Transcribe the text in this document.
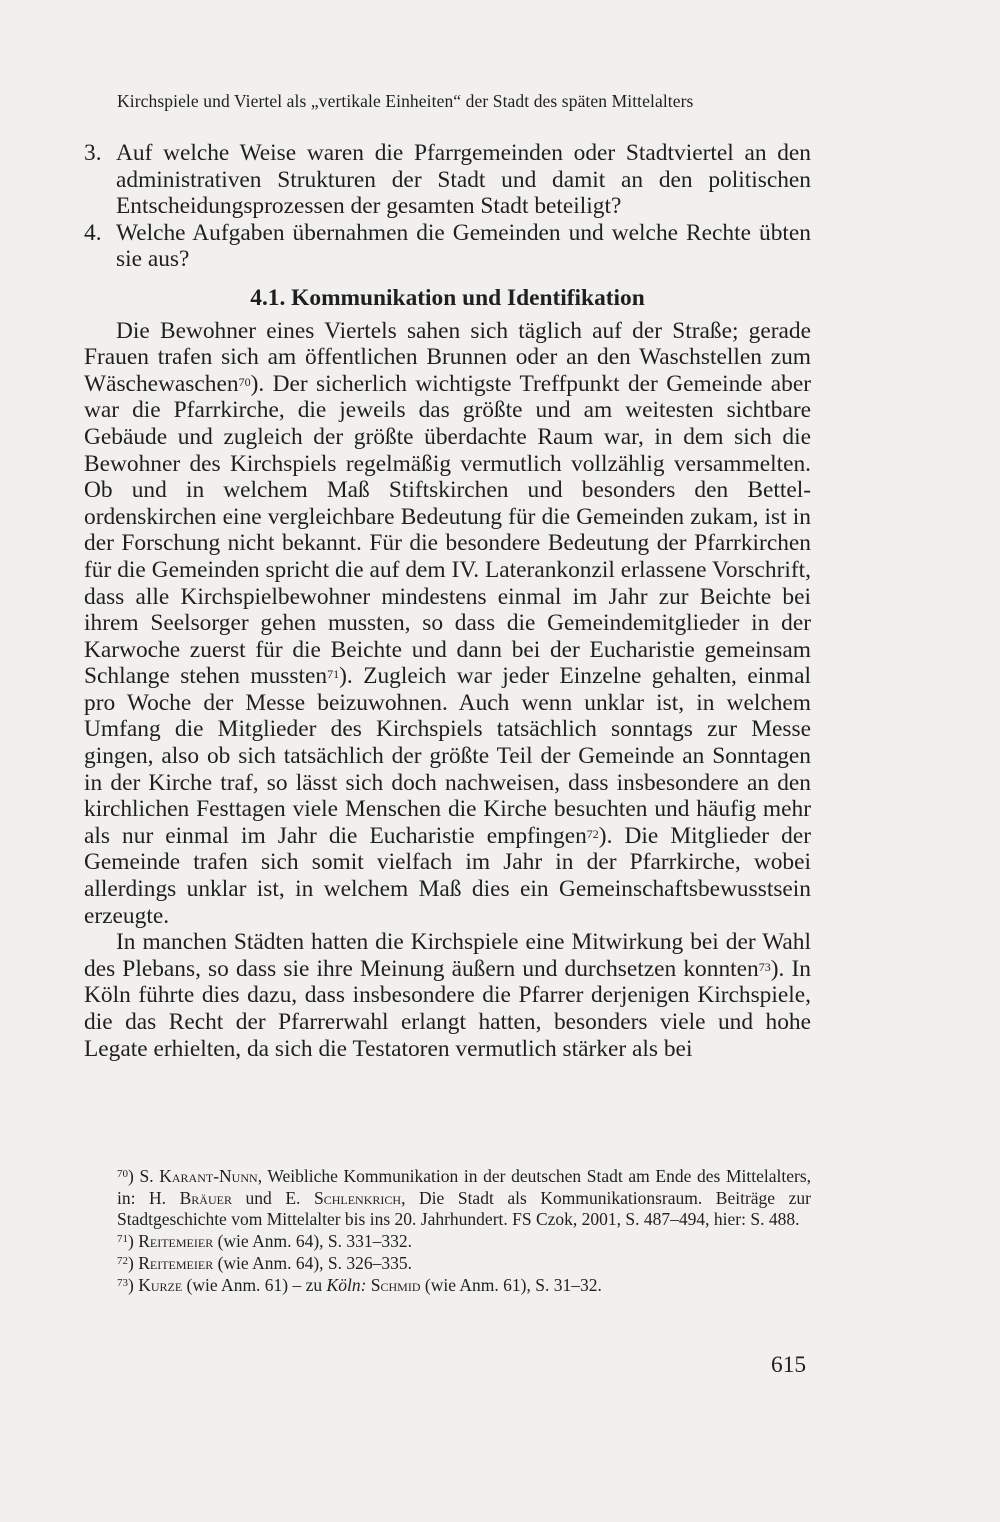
Kirchspiele und Viertel als „vertikale Einheiten“ der Stadt des späten Mittelalters
3. Auf welche Weise waren die Pfarrgemeinden oder Stadtviertel an den administrativen Strukturen der Stadt und damit an den politischen Entscheidungsprozessen der gesamten Stadt beteiligt?
4. Welche Aufgaben übernahmen die Gemeinden und welche Rechte übten sie aus?
4.1. Kommunikation und Identifikation

Die Bewohner eines Viertels sahen sich täglich auf der Straße; gerade Frauen trafen sich am öffentlichen Brunnen oder an den Waschstellen zum Wäschewaschen$^{70}$). Der sicherlich wichtigste Treffpunkt der Gemeinde aber war die Pfarrkirche, die jeweils das größte und am weitesten sichtbare Gebäude und zugleich der größte überdachte Raum war, in dem sich die Bewohner des Kirchspiels regelmäßig vermutlich vollzählig versammelten. Ob und in welchem Maß Stiftskirchen und besonders den Bettelordenskirchen eine vergleichbare Bedeutung für die Gemeinden zukam, ist in der Forschung nicht bekannt. Für die besondere Bedeutung der Pfarrkirchen für die Gemeinden spricht die auf dem IV. Laterankonzil erlassene Vorschrift, dass alle Kirchspielbewohner mindestens einmal im Jahr zur Beichte bei ihrem Seelsorger gehen mussten, so dass die Gemeindemitglieder in der Karwoche zuerst für die Beichte und dann bei der Eucharistie gemeinsam Schlange stehen mussten$^{71}$). Zugleich war jeder Einzelne gehalten, einmal pro Woche der Messe beizuwohnen. Auch wenn unklar ist, in welchem Umfang die Mitglieder des Kirchspiels tatsächlich sonntags zur Messe gingen, also ob sich tatsächlich der größte Teil der Gemeinde an Sonntagen in der Kirche traf, so lässt sich doch nachweisen, dass insbesondere an den kirchlichen Festtagen viele Menschen die Kirche besuchten und häufig mehr als nur einmal im Jahr die Eucharistie empfingen$^{72}$). Die Mitglieder der Gemeinde trafen sich somit vielfach im Jahr in der Pfarrkirche, wobei allerdings unklar ist, in welchem Maß dies ein Gemeinschaftsbewusstsein erzeugte.

In manchen Städten hatten die Kirchspiele eine Mitwirkung bei der Wahl des Plebans, so dass sie ihre Meinung äußern und durchsetzen konnten$^{73}$). In Köln führte dies dazu, dass insbesondere die Pfarrer derjenigen Kirchspiele, die das Recht der Pfarrerwahl erlangt hatten, besonders viele und hohe Legate erhielten, da sich die Testatoren vermutlich stärker als bei

$^{70}$) S. Karant-Nunn, Weibliche Kommunikation in der deutschen Stadt am Ende des Mittelalters, in: H. Bräuer und E. Schlenkrich, Die Stadt als Kommunikationsraum. Beiträge zur Stadtgeschichte vom Mittelalter bis ins 20. Jahrhundert. FS Czok, 2001, S. 487–494, hier: S. 488.

$^{71}$) Reitemeier (wie Anm. 64), S. 331–332.

$^{72}$) Reitemeier (wie Anm. 64), S. 326–335.

$^{73}$) Kurze (wie Anm. 61) – zu Köln: Schmid (wie Anm. 61), S. 31–32.

615
